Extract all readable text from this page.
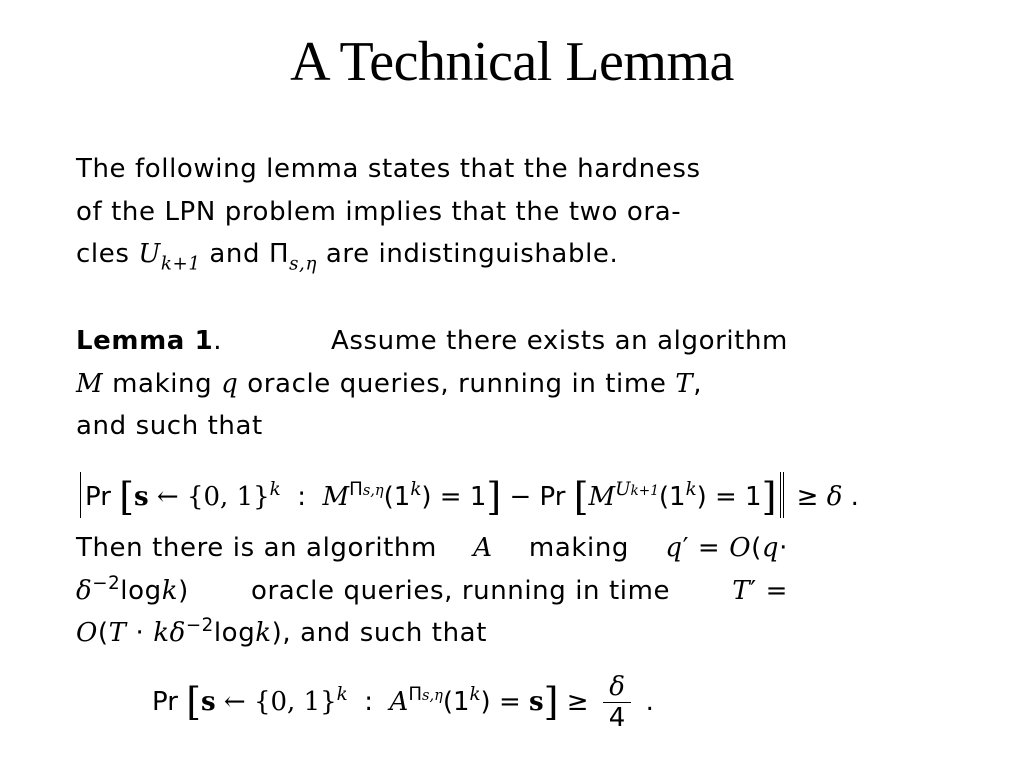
A Technical Lemma
The following lemma states that the hardness
of the LPN problem implies that the two ora-
cles $U_{k+1}$ and $\Pi_{s,\eta}$ are indistinguishable.
Lemma 1.	Assume there exists an algorithm
M making q oracle queries, running in time T,
and such that
Pr [s ← {0, 1}$^k$  :  $M^{\Pi s,\eta}(1^k) = 1] - Pr$ $[M^{Uk+1}(1^k) = 1] \ge \delta$ .
Then there is an algorithm A making q′ = O(q·
$\delta^{-2}\log k$) oracle queries, running in time T′ =
$O(T \cdot k\delta^{-2}\log k)$, and such that
Pr [s ← {0, 1}$^k$  :  $A^{\Pi s,\eta}(1^k) = s] \ge \frac{\delta}{4}$ .
